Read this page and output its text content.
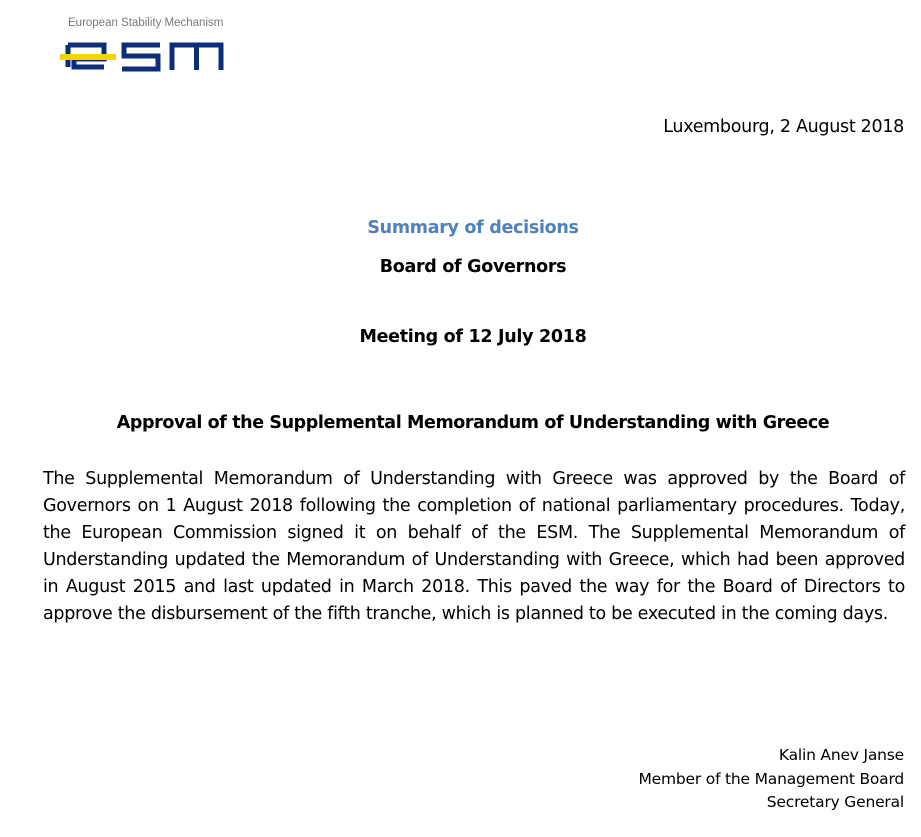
European Stability Mechanism
Luxembourg, 2 August 2018
Summary of decisions
Board of Governors
Meeting of 12 July 2018
Approval of the Supplemental Memorandum of Understanding with Greece

The Supplemental Memorandum of Understanding with Greece was approved by the Board of Governors on 1 August 2018 following the completion of national parliamentary procedures. Today, the European Commission signed it on behalf of the ESM. The Supplemental Memorandum of Understanding updated the Memorandum of Understanding with Greece, which had been approved in August 2015 and last updated in March 2018. This paved the way for the Board of Directors to approve the disbursement of the fifth tranche, which is planned to be executed in the coming days.

Kalin Anev Janse
Member of the Management Board
Secretary General
